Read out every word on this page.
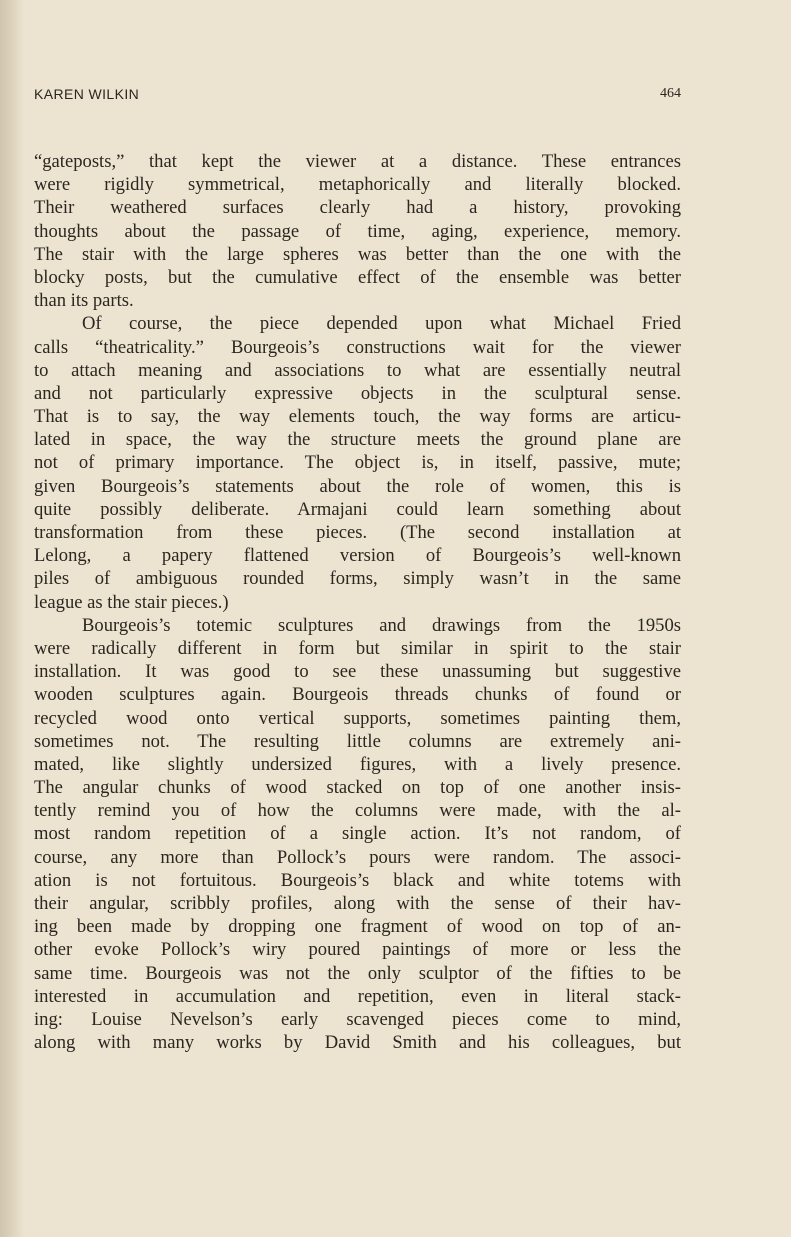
KAREN WILKIN	464
“gateposts,” that kept the viewer at a distance. These entrances
were rigidly symmetrical, metaphorically and literally blocked.
Their weathered surfaces clearly had a history, provoking
thoughts about the passage of time, aging, experience, memory.
The stair with the large spheres was better than the one with the
blocky posts, but the cumulative effect of the ensemble was better
than its parts.
Of course, the piece depended upon what Michael Fried
calls “theatricality.” Bourgeois’s constructions wait for the viewer
to attach meaning and associations to what are essentially neutral
and not particularly expressive objects in the sculptural sense.
That is to say, the way elements touch, the way forms are articu-
lated in space, the way the structure meets the ground plane are
not of primary importance. The object is, in itself, passive, mute;
given Bourgeois’s statements about the role of women, this is
quite possibly deliberate. Armajani could learn something about
transformation from these pieces. (The second installation at
Lelong, a papery flattened version of Bourgeois’s well-known
piles of ambiguous rounded forms, simply wasn’t in the same
league as the stair pieces.)
Bourgeois’s totemic sculptures and drawings from the 1950s
were radically different in form but similar in spirit to the stair
installation. It was good to see these unassuming but suggestive
wooden sculptures again. Bourgeois threads chunks of found or
recycled wood onto vertical supports, sometimes painting them,
sometimes not. The resulting little columns are extremely ani-
mated, like slightly undersized figures, with a lively presence.
The angular chunks of wood stacked on top of one another insis-
tently remind you of how the columns were made, with the al-
most random repetition of a single action. It’s not random, of
course, any more than Pollock’s pours were random. The associ-
ation is not fortuitous. Bourgeois’s black and white totems with
their angular, scribbly profiles, along with the sense of their hav-
ing been made by dropping one fragment of wood on top of an-
other evoke Pollock’s wiry poured paintings of more or less the
same time. Bourgeois was not the only sculptor of the fifties to be
interested in accumulation and repetition, even in literal stack-
ing: Louise Nevelson’s early scavenged pieces come to mind,
along with many works by David Smith and his colleagues, but
